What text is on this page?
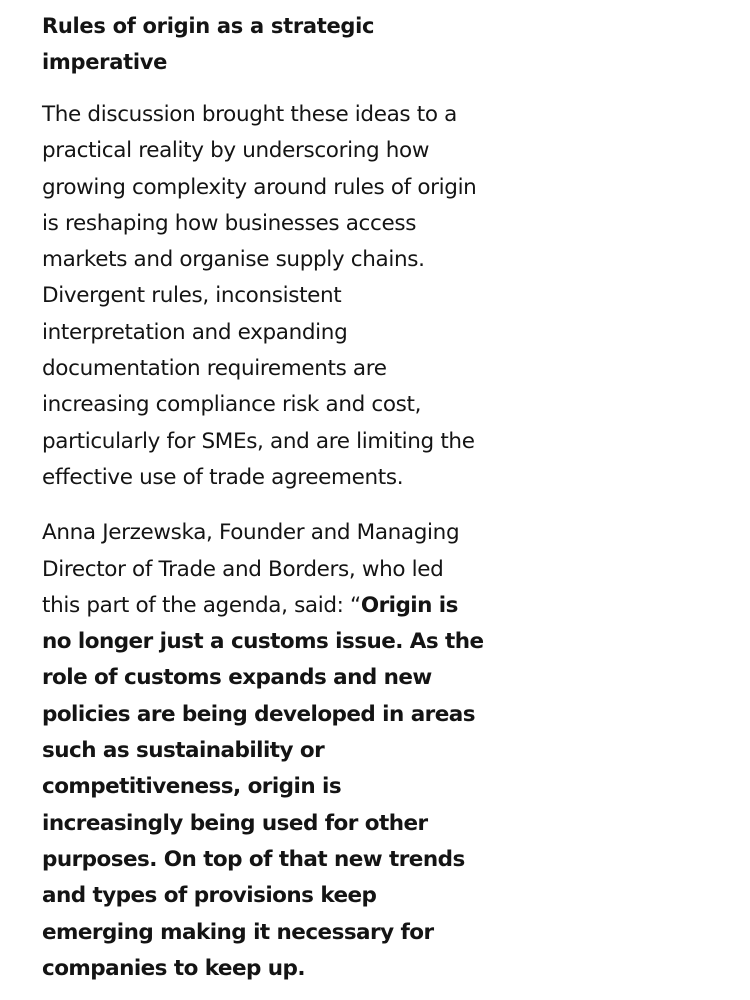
Rules of origin as a strategic imperative

The discussion brought these ideas to a practical reality by underscoring how growing complexity around rules of origin is reshaping how businesses access markets and organise supply chains. Divergent rules, inconsistent interpretation and expanding documentation requirements are increasing compliance risk and cost, particularly for SMEs, and are limiting the effective use of trade agreements.

Anna Jerzewska, Founder and Managing Director of Trade and Borders, who led this part of the agenda, said: “Origin is no longer just a customs issue. As the role of customs expands and new policies are being developed in areas such as sustainability or competitiveness, origin is increasingly being used for other purposes. On top of that new trends and types of provisions keep emerging making it necessary for companies to keep up.
